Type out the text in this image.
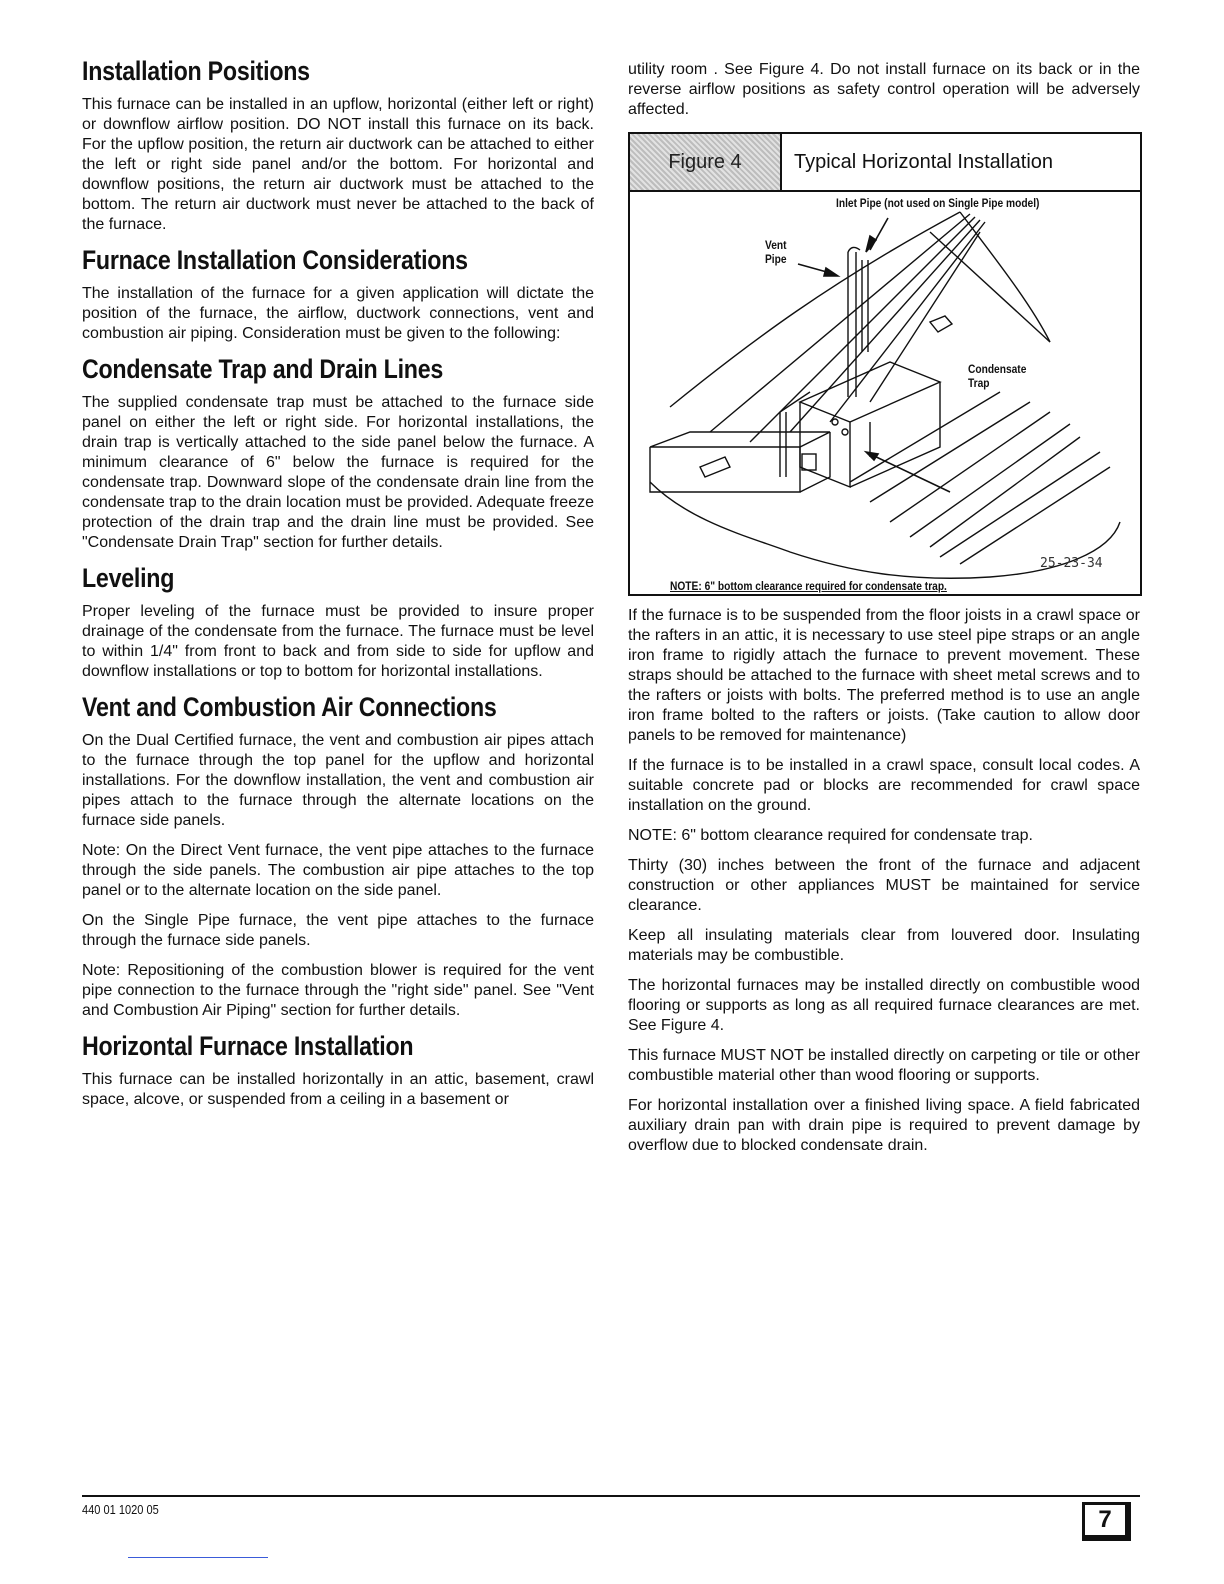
Installation Positions

This furnace can be installed in an upflow, horizontal (either left or right) or downflow airflow position. DO NOT install this furnace on its back. For the upflow position, the return air ductwork can be attached to either the left or right side panel and/or the bottom. For horizontal and downflow positions, the return air ductwork must be attached to the bottom. The return air ductwork must never be attached to the back of the furnace.

Furnace Installation Considerations

The installation of the furnace for a given application will dictate the position of the furnace, the airflow, ductwork connections, vent and combustion air piping. Consideration must be given to the following:

Condensate Trap and Drain Lines

The supplied condensate trap must be attached to the furnace side panel on either the left or right side. For horizontal installations, the drain trap is vertically attached to the side panel below the furnace. A minimum clearance of 6" below the furnace is required for the condensate trap. Downward slope of the condensate drain line from the condensate trap to the drain location must be provided. Adequate freeze protection of the drain trap and the drain line must be provided. See "Condensate Drain Trap" section for further details.

Leveling

Proper leveling of the furnace must be provided to insure proper drainage of the condensate from the furnace. The furnace must be level to within 1/4" from front to back and from side to side for upflow and downflow installations or top to bottom for horizontal installations.

Vent and Combustion Air Connections

On the Dual Certified furnace, the vent and combustion air pipes attach to the furnace through the top panel for the upflow and horizontal installations. For the downflow installation, the vent and combustion air pipes attach to the furnace through the alternate locations on the furnace side panels.

Note: On the Direct Vent furnace, the vent pipe attaches to the furnace through the side panels. The combustion air pipe attaches to the top panel or to the alternate location on the side panel.

On the Single Pipe furnace, the vent pipe attaches to the furnace through the furnace side panels.

Note: Repositioning of the combustion blower is required for the vent pipe connection to the furnace through the "right side" panel. See "Vent and Combustion Air Piping" section for further details.

Horizontal Furnace Installation

This furnace can be installed horizontally in an attic, basement, crawl space, alcove, or suspended from a ceiling in a basement or

utility room . See Figure 4. Do not install furnace on its back or in the reverse airflow positions as safety control operation will be adversely affected.

Figure 4	Typical Horizontal Installation
Inlet Pipe (not used on Single Pipe model)
Vent
Pipe
Condensate
Trap
25-23-34
NOTE: 6" bottom clearance required for condensate trap.

If the furnace is to be suspended from the floor joists in a crawl space or the rafters in an attic, it is necessary to use steel pipe straps or an angle iron frame to rigidly attach the furnace to prevent movement. These straps should be attached to the furnace with sheet metal screws and to the rafters or joists with bolts. The preferred method is to use an angle iron frame bolted to the rafters or joists. (Take caution to allow door panels to be removed for maintenance)

If the furnace is to be installed in a crawl space, consult local codes. A suitable concrete pad or blocks are recommended for crawl space installation on the ground.

NOTE: 6" bottom clearance required for condensate trap.

Thirty (30) inches between the front of the furnace and adjacent construction or other appliances MUST be maintained for service clearance.

Keep all insulating materials clear from louvered door. Insulating materials may be combustible.

The horizontal furnaces may be installed directly on combustible wood flooring or supports as long as all required furnace clearances are met. See Figure 4.

This furnace MUST NOT be installed directly on carpeting or tile or other combustible material other than wood flooring or supports.

For horizontal installation over a finished living space. A field fabricated auxiliary drain pan with drain pipe is required to prevent damage by overflow due to blocked condensate drain.

440 01 1020 05	7
